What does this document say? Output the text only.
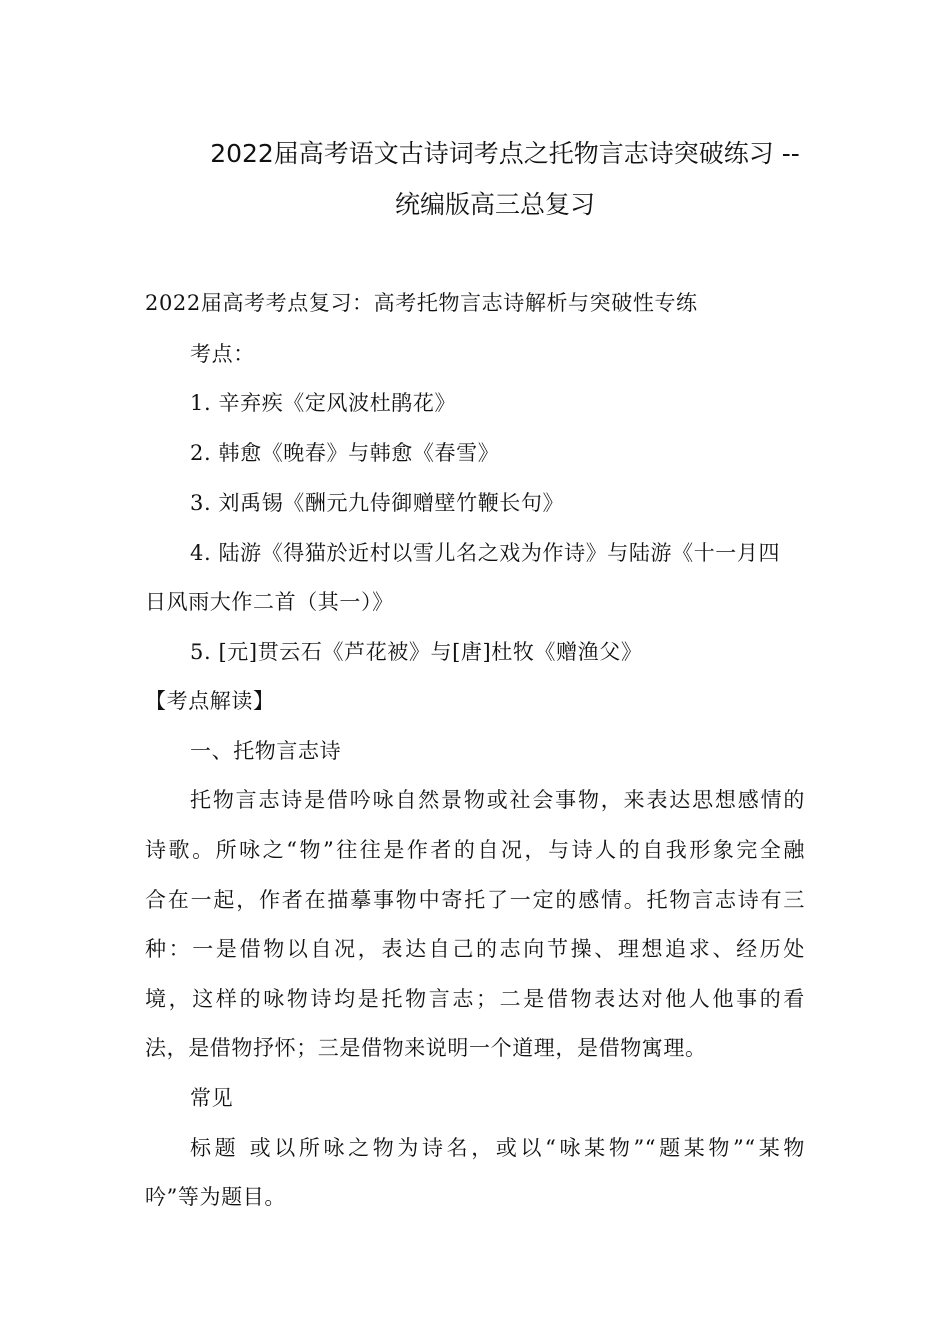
2022届高考语文古诗词考点之托物言志诗突破练习 --
统编版高三总复习
2022届高考考点复习：高考托物言志诗解析与突破性专练
考点：
1. 辛弃疾《定风波杜鹃花》
2. 韩愈《晚春》与韩愈《春雪》
3. 刘禹锡《酬元九侍御赠壁竹鞭长句》
4. 陆游《得猫於近村以雪儿名之戏为作诗》与陆游《十一月四
日风雨大作二首（其一）》
5. [元]贯云石《芦花被》与[唐]杜牧《赠渔父》
【考点解读】
一、托物言志诗
托物言志诗是借吟咏自然景物或社会事物，来表达思想感情的
诗歌。所咏之“物”往往是作者的自况，与诗人的自我形象完全融
合在一起，作者在描摹事物中寄托了一定的感情。托物言志诗有三
种：一是借物以自况，表达自己的志向节操、理想追求、经历处
境，这样的咏物诗均是托物言志；二是借物表达对他人他事的看
法，是借物抒怀；三是借物来说明一个道理，是借物寓理。
常见
标题 或以所咏之物为诗名，或以“咏某物”“题某物”“某物
吟”等为题目。
